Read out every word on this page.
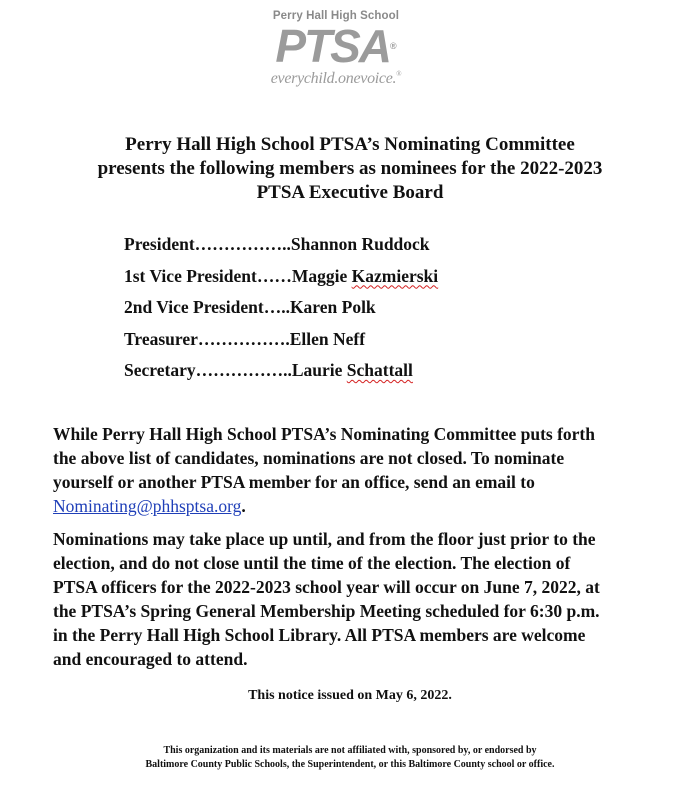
Perry Hall High School
PTSA®
everychild.onevoice.®
Perry Hall High School PTSA’s Nominating Committee
presents the following members as nominees for the 2022-2023
PTSA Executive Board
President……………..Shannon Ruddock
1st Vice President……Maggie Kazmierski
2nd Vice President…..Karen Polk
Treasurer…………….Ellen Neff
Secretary……………..Laurie Schattall
While Perry Hall High School PTSA’s Nominating Committee puts forth
the above list of candidates, nominations are not closed. To nominate
yourself or another PTSA member for an office, send an email to
Nominating@phhsptsa.org.
Nominations may take place up until, and from the floor just prior to the
election, and do not close until the time of the election. The election of
PTSA officers for the 2022-2023 school year will occur on June 7, 2022, at
the PTSA’s Spring General Membership Meeting scheduled for 6:30 p.m.
in the Perry Hall High School Library. All PTSA members are welcome
and encouraged to attend.
This notice issued on May 6, 2022.
This organization and its materials are not affiliated with, sponsored by, or endorsed by
Baltimore County Public Schools, the Superintendent, or this Baltimore County school or office.
